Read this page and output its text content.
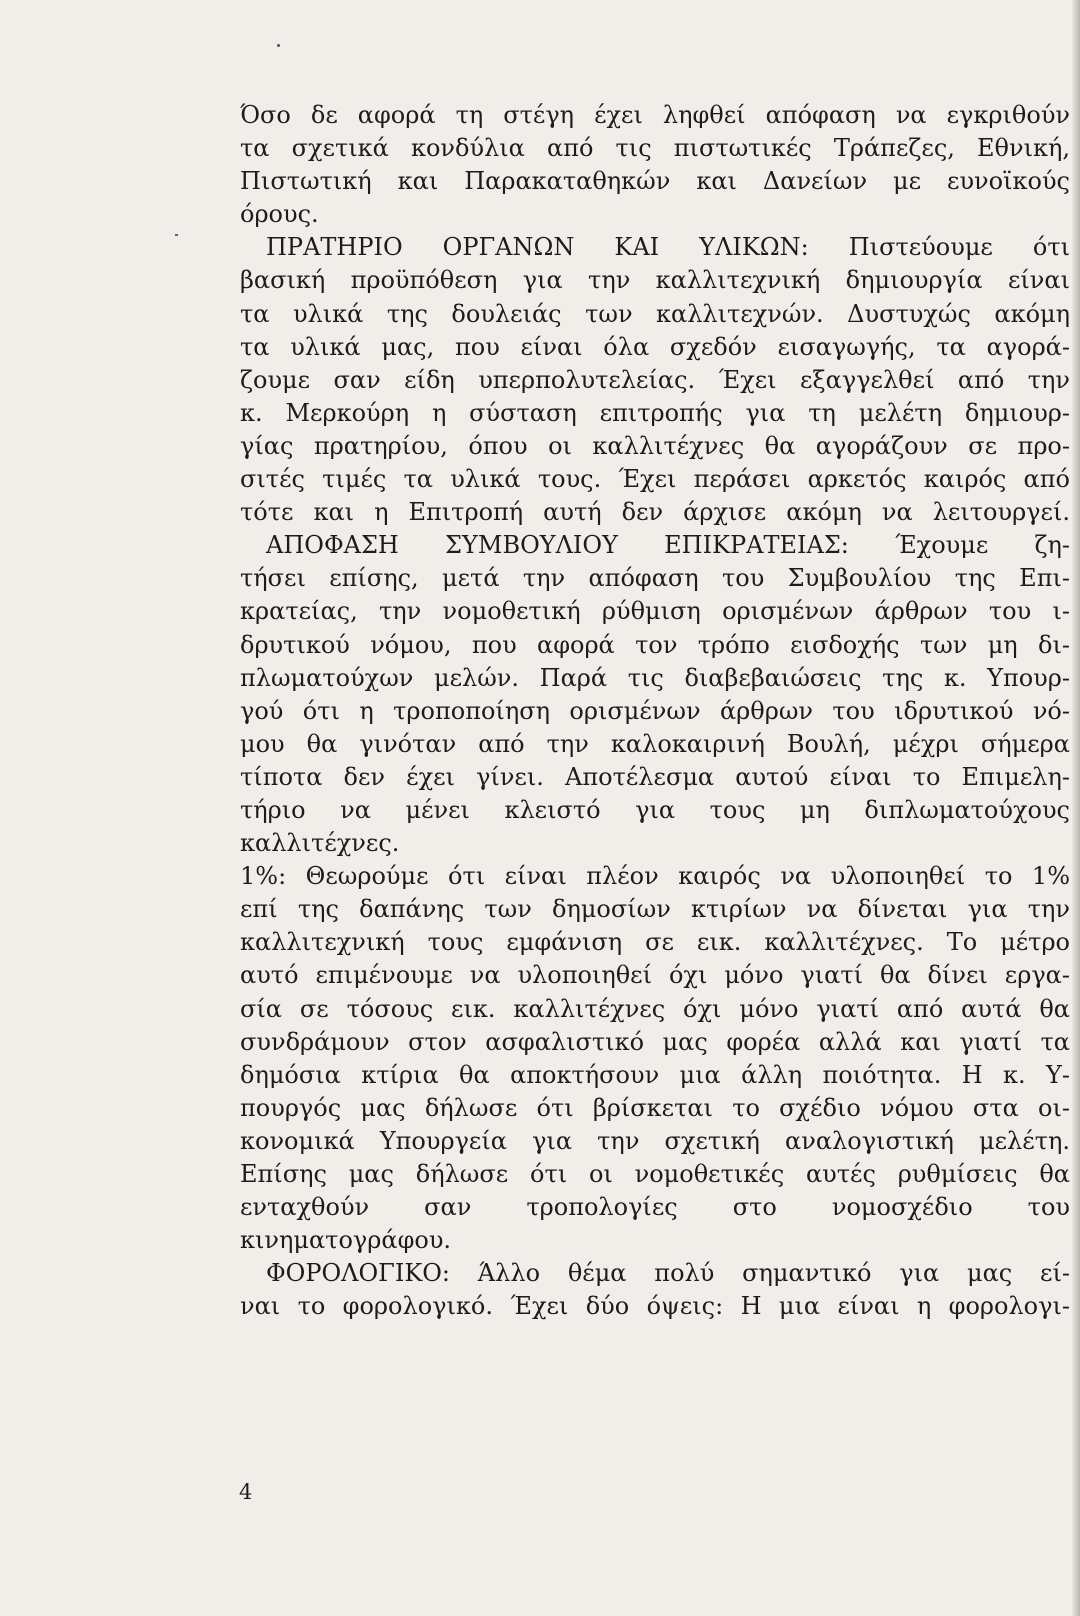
Όσο δε αφορά τη στέγη έχει ληφθεί απόφαση να εγκριθούν
τα σχετικά κονδύλια από τις πιστωτικές Τράπεζες, Εθνική,
Πιστωτική και Παρακαταθηκών και Δανείων με ευνοϊκούς
όρους.
ΠΡΑΤΗΡΙΟ ΟΡΓΑΝΩΝ ΚΑΙ ΥΛΙΚΩΝ: Πιστεύουμε ότι
βασική προϋπόθεση για την καλλιτεχνική δημιουργία είναι
τα υλικά της δουλειάς των καλλιτεχνών. Δυστυχώς ακόμη
τα υλικά μας, που είναι όλα σχεδόν εισαγωγής, τα αγορά-
ζουμε σαν είδη υπερπολυτελείας. Έχει εξαγγελθεί από την
κ. Μερκούρη η σύσταση επιτροπής για τη μελέτη δημιουρ-
γίας πρατηρίου, όπου οι καλλιτέχνες θα αγοράζουν σε προ-
σιτές τιμές τα υλικά τους. Έχει περάσει αρκετός καιρός από
τότε και η Επιτροπή αυτή δεν άρχισε ακόμη να λειτουργεί.
ΑΠΟΦΑΣΗ ΣΥΜΒΟΥΛΙΟΥ ΕΠΙΚΡΑΤΕΙΑΣ: Έχουμε ζη-
τήσει επίσης, μετά την απόφαση του Συμβουλίου της Επι-
κρατείας, την νομοθετική ρύθμιση ορισμένων άρθρων του ι-
δρυτικού νόμου, που αφορά τον τρόπο εισδοχής των μη δι-
πλωματούχων μελών. Παρά τις διαβεβαιώσεις της κ. Υπουρ-
γού ότι η τροποποίηση ορισμένων άρθρων του ιδρυτικού νό-
μου θα γινόταν από την καλοκαιρινή Βουλή, μέχρι σήμερα
τίποτα δεν έχει γίνει. Αποτέλεσμα αυτού είναι το Επιμελη-
τήριο να μένει κλειστό για τους μη διπλωματούχους
καλλιτέχνες.
1%: Θεωρούμε ότι είναι πλέον καιρός να υλοποιηθεί το 1%
επί της δαπάνης των δημοσίων κτιρίων να δίνεται για την
καλλιτεχνική τους εμφάνιση σε εικ. καλλιτέχνες. Το μέτρο
αυτό επιμένουμε να υλοποιηθεί όχι μόνο γιατί θα δίνει εργα-
σία σε τόσους εικ. καλλιτέχνες όχι μόνο γιατί από αυτά θα
συνδράμουν στον ασφαλιστικό μας φορέα αλλά και γιατί τα
δημόσια κτίρια θα αποκτήσουν μια άλλη ποιότητα. Η κ. Υ-
πουργός μας δήλωσε ότι βρίσκεται το σχέδιο νόμου στα οι-
κονομικά Υπουργεία για την σχετική αναλογιστική μελέτη.
Επίσης μας δήλωσε ότι οι νομοθετικές αυτές ρυθμίσεις θα
ενταχθούν σαν τροπολογίες στο νομοσχέδιο του
κινηματογράφου.
ΦΟΡΟΛΟΓΙΚΟ: Άλλο θέμα πολύ σημαντικό για μας εί-
ναι το φορολογικό. Έχει δύο όψεις: Η μια είναι η φορολογι-
4
